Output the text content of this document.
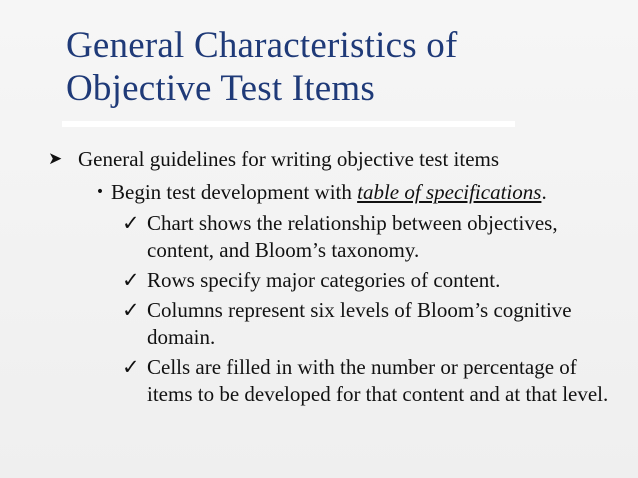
General Characteristics of
Objective Test Items
➤ General guidelines for writing objective test items
• Begin test development with table of specifications.
✓ Chart shows the relationship between objectives, content, and Bloom’s taxonomy.
✓ Rows specify major categories of content.
✓ Columns represent six levels of Bloom’s cognitive domain.
✓ Cells are filled in with the number or percentage of items to be developed for that content and at that level.
